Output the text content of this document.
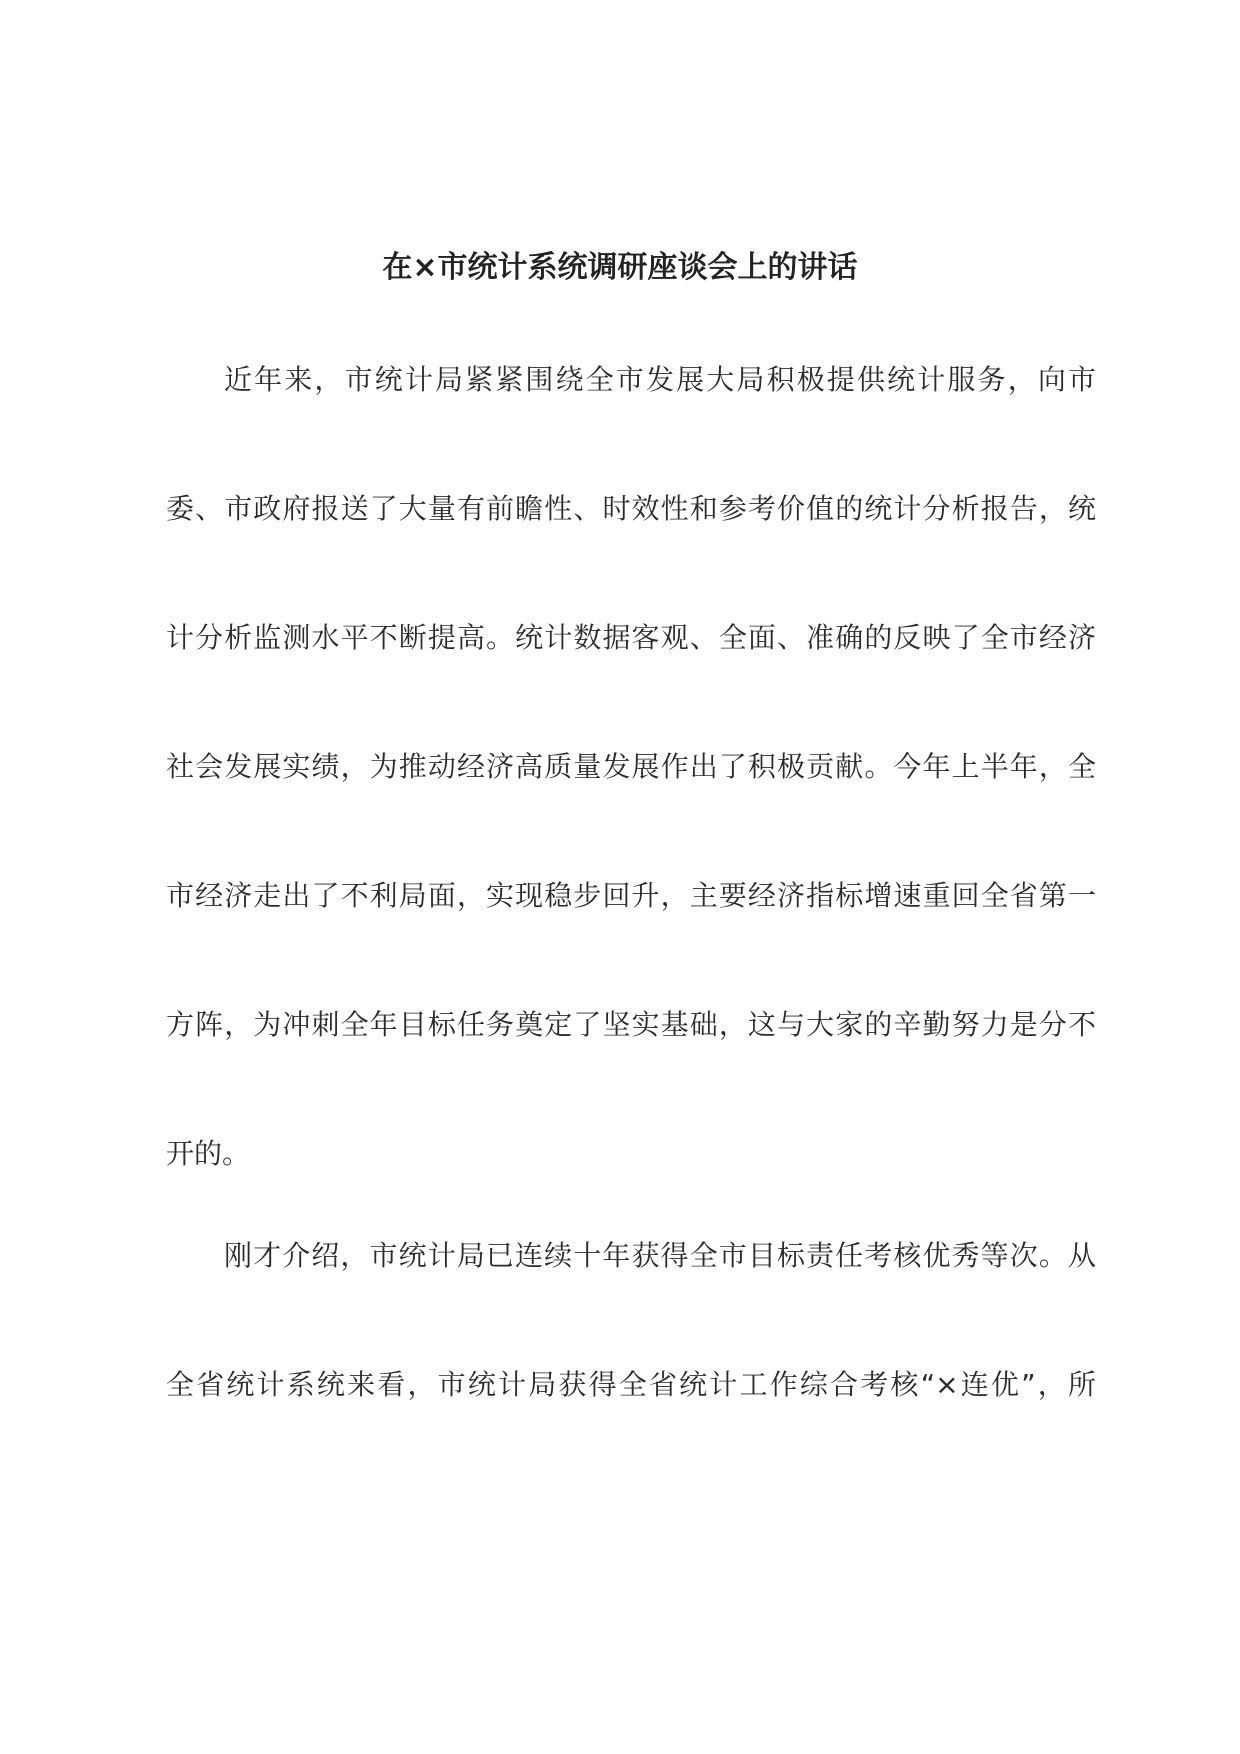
在×市统计系统调研座谈会上的讲话
近年来，市统计局紧紧围绕全市发展大局积极提供统计服务，向市
委、市政府报送了大量有前瞻性、时效性和参考价值的统计分析报告，统
计分析监测水平不断提高。统计数据客观、全面、准确的反映了全市经济
社会发展实绩，为推动经济高质量发展作出了积极贡献。今年上半年，全
市经济走出了不利局面，实现稳步回升，主要经济指标增速重回全省第一
方阵，为冲刺全年目标任务奠定了坚实基础，这与大家的辛勤努力是分不
开的。
刚才介绍，市统计局已连续十年获得全市目标责任考核优秀等次。从
全省统计系统来看，市统计局获得全省统计工作综合考核“×连优”，所
